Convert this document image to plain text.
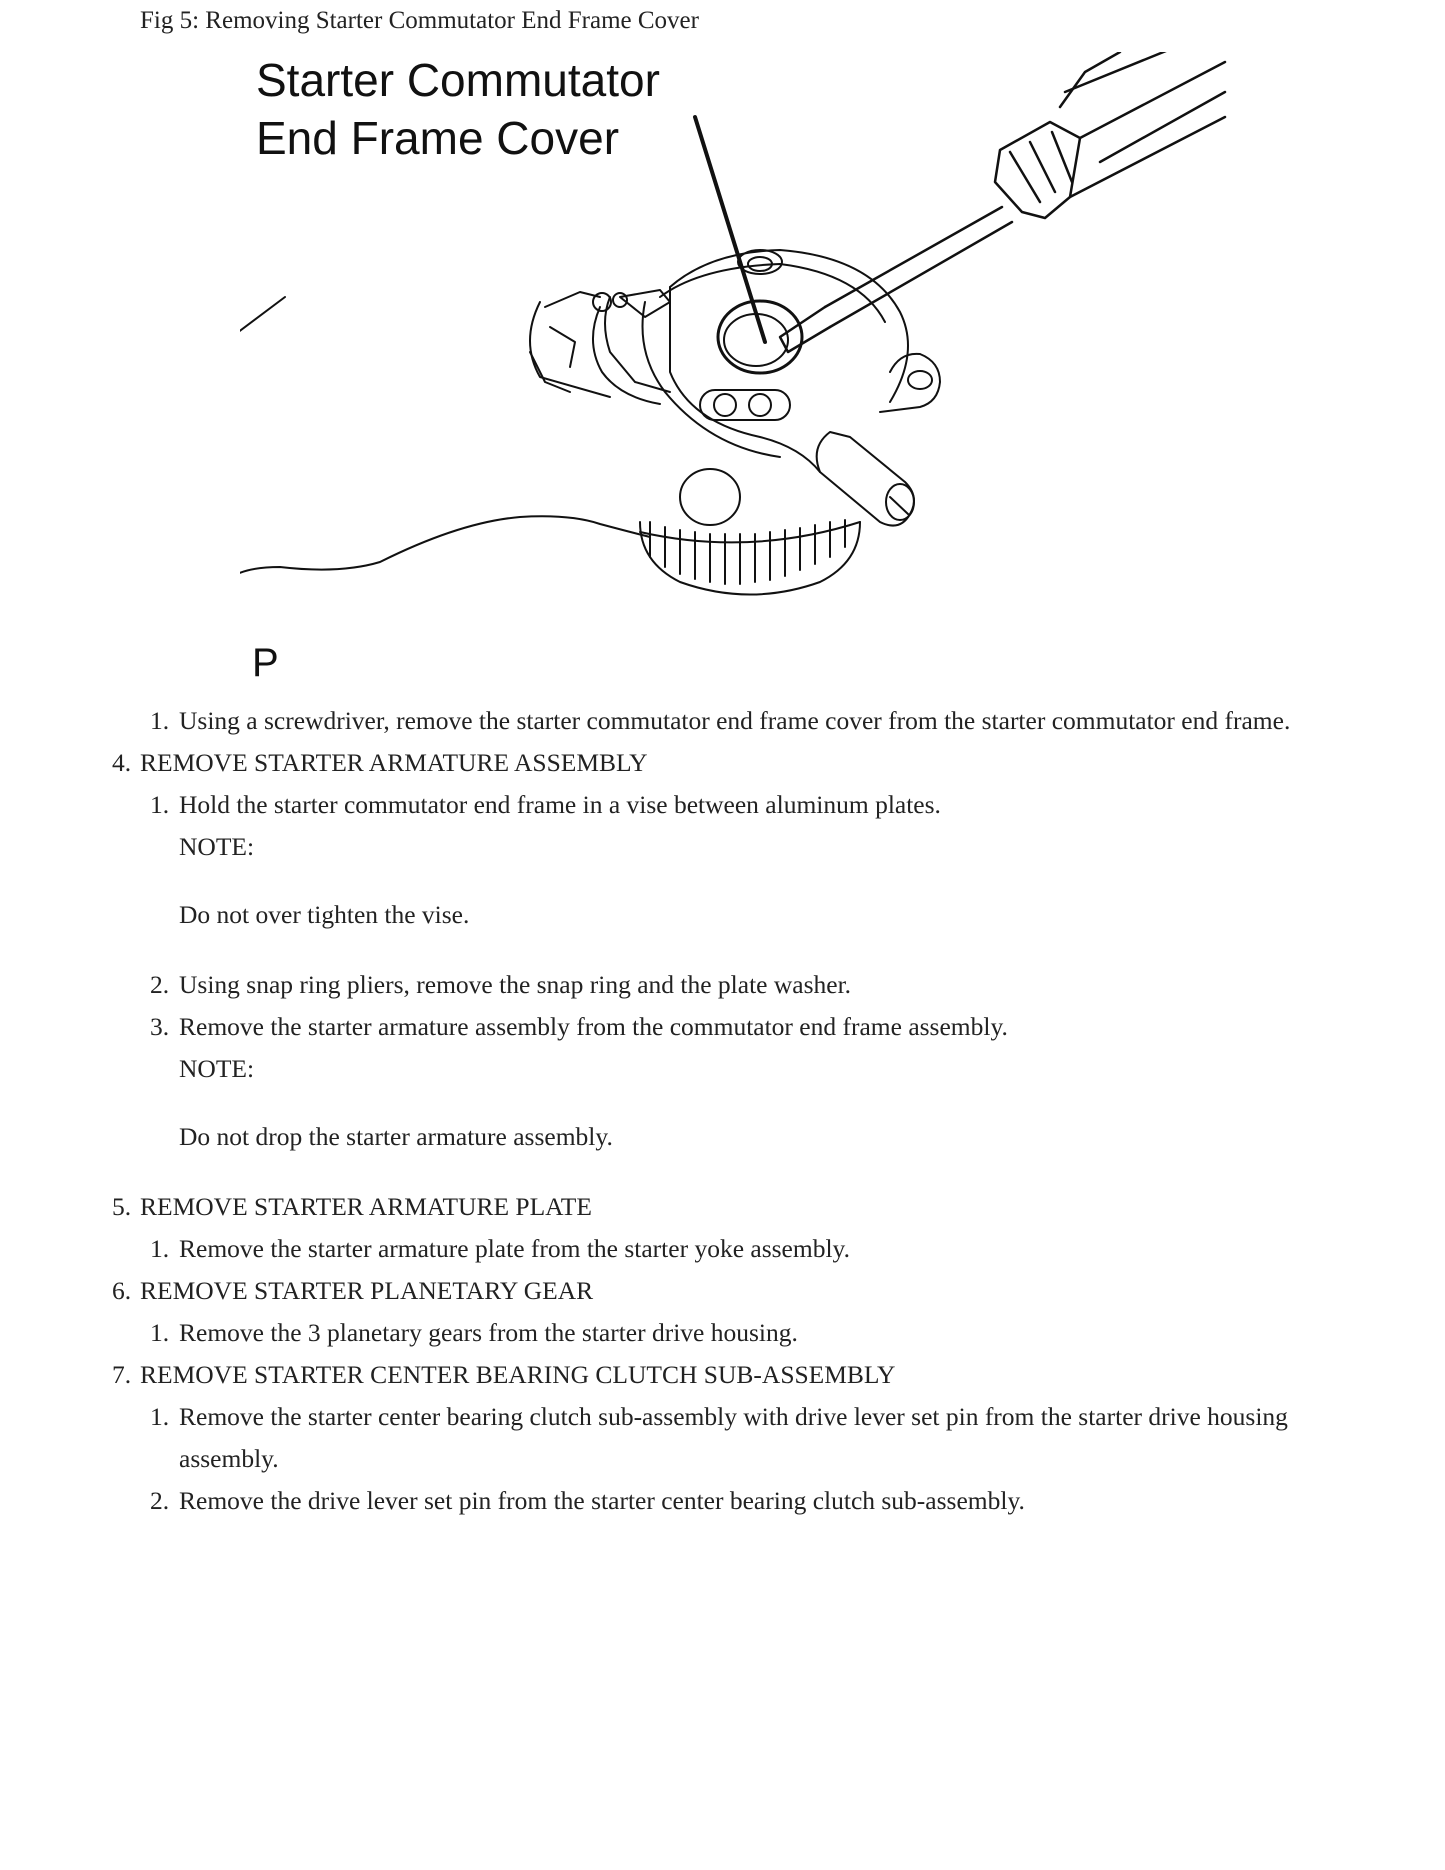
Fig 5: Removing Starter Commutator End Frame Cover
Starter Commutator
End Frame Cover
P

1. Using a screwdriver, remove the starter commutator end frame cover from the starter commutator end frame.

4. REMOVE STARTER ARMATURE ASSEMBLY

1. Hold the starter commutator end frame in a vise between aluminum plates.

NOTE:

Do not over tighten the vise.

2. Using snap ring pliers, remove the snap ring and the plate washer.

3. Remove the starter armature assembly from the commutator end frame assembly.

NOTE:

Do not drop the starter armature assembly.

5. REMOVE STARTER ARMATURE PLATE

1. Remove the starter armature plate from the starter yoke assembly.

6. REMOVE STARTER PLANETARY GEAR

1. Remove the 3 planetary gears from the starter drive housing.

7. REMOVE STARTER CENTER BEARING CLUTCH SUB-ASSEMBLY

1. Remove the starter center bearing clutch sub-assembly with drive lever set pin from the starter drive housing assembly.

2. Remove the drive lever set pin from the starter center bearing clutch sub-assembly.
